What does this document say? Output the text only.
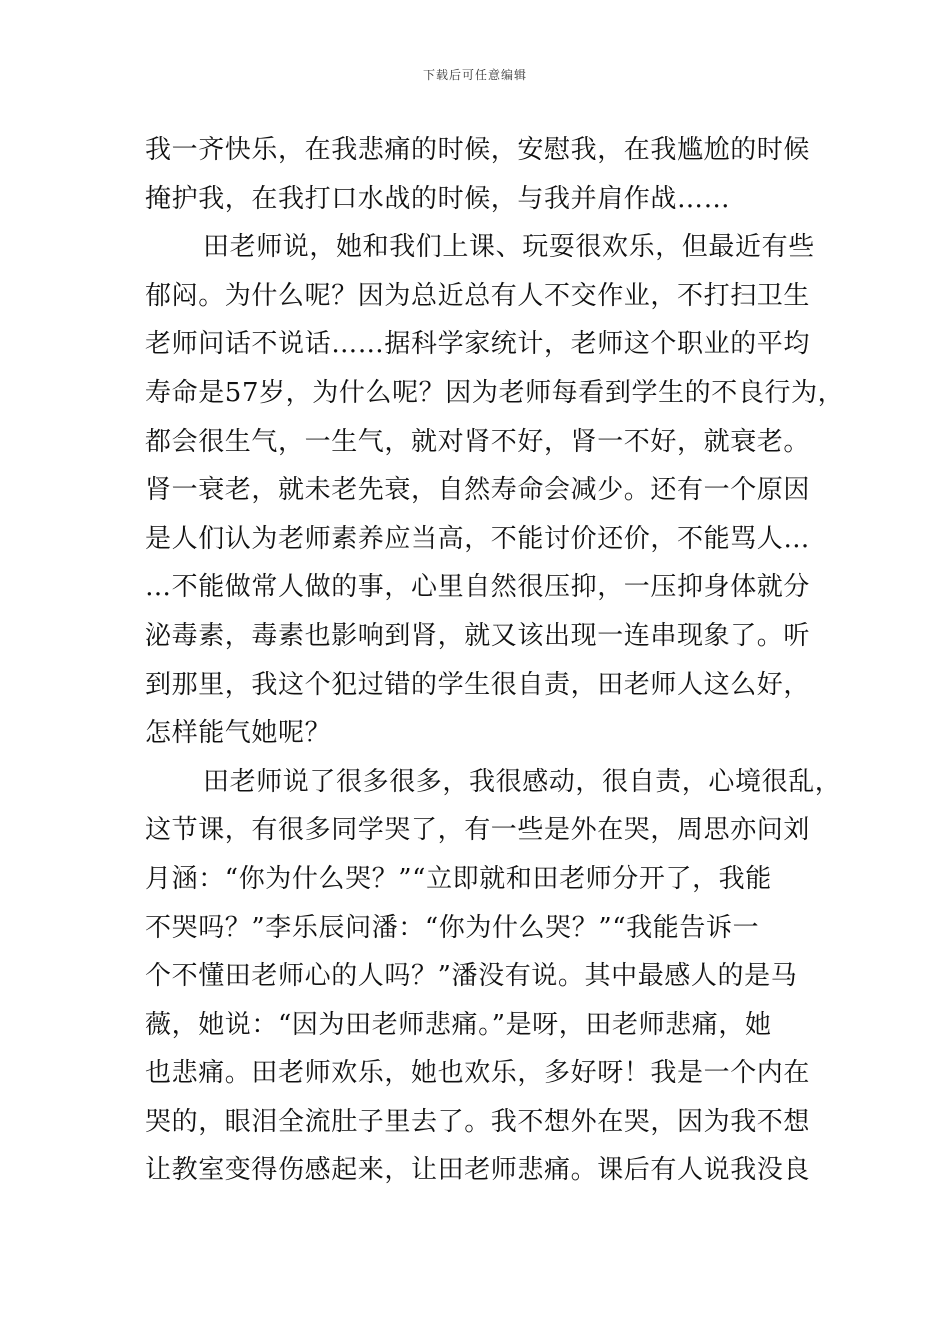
下载后可任意编辑

我一齐快乐，在我悲痛的时候，安慰我，在我尴尬的时候
掩护我，在我打口水战的时候，与我并肩作战……

田老师说，她和我们上课、玩耍很欢乐，但最近有些
郁闷。为什么呢？因为总近总有人不交作业，不打扫卫生
老师问话不说话……据科学家统计，老师这个职业的平均
寿命是57岁，为什么呢？因为老师每看到学生的不良行为，
都会很生气，一生气，就对肾不好，肾一不好，就衰老。
肾一衰老，就未老先衰，自然寿命会减少。还有一个原因
是人们认为老师素养应当高，不能讨价还价，不能骂人…
…不能做常人做的事，心里自然很压抑，一压抑身体就分
泌毒素，毒素也影响到肾，就又该出现一连串现象了。听
到那里，我这个犯过错的学生很自责，田老师人这么好，
怎样能气她呢？

田老师说了很多很多，我很感动，很自责，心境很乱，
这节课，有很多同学哭了，有一些是外在哭，周思亦问刘
月涵：“你为什么哭？”“立即就和田老师分开了，我能
不哭吗？”李乐辰问潘：“你为什么哭？”“我能告诉一
个不懂田老师心的人吗？”潘没有说。其中最感人的是马
薇，她说：“因为田老师悲痛。”是呀，田老师悲痛，她
也悲痛。田老师欢乐，她也欢乐，多好呀！我是一个内在
哭的，眼泪全流肚子里去了。我不想外在哭，因为我不想
让教室变得伤感起来，让田老师悲痛。课后有人说我没良
